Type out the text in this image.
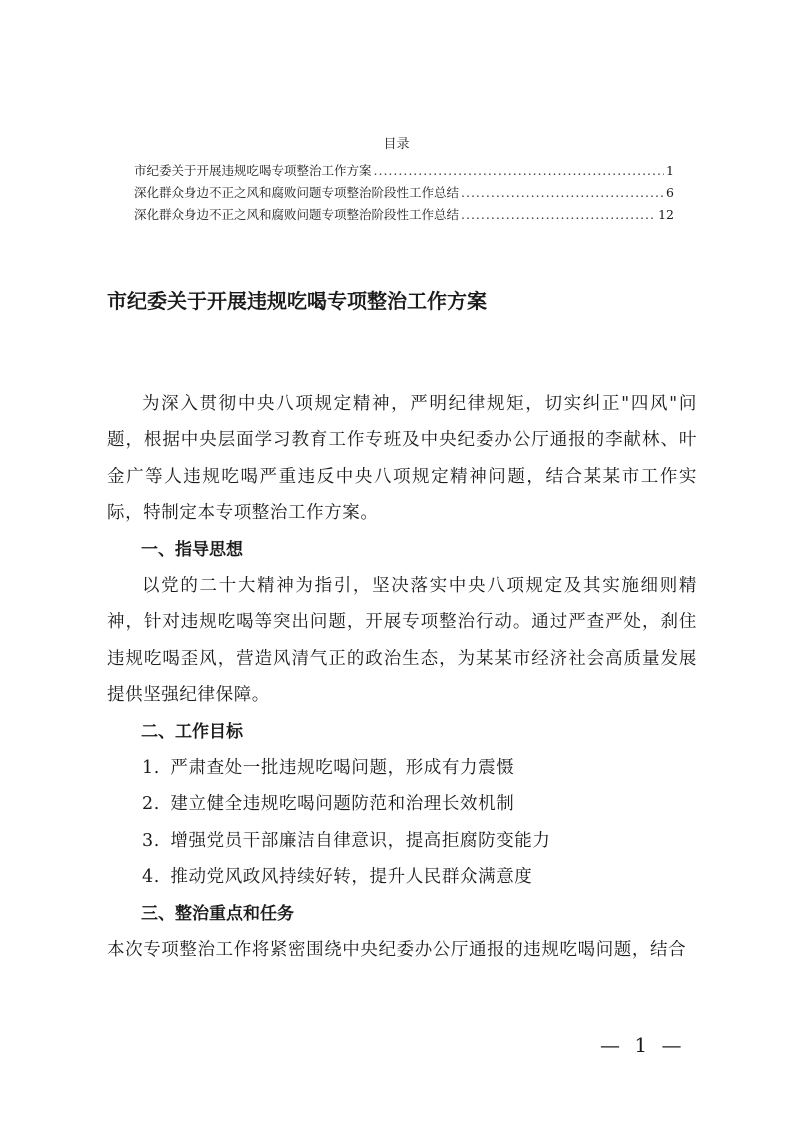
目录
市纪委关于开展违规吃喝专项整治工作方案 .....	1
深化群众身边不正之风和腐败问题专项整治阶段性工作总结 .....	6
深化群众身边不正之风和腐败问题专项整治阶段性工作总结 .....	12
市纪委关于开展违规吃喝专项整治工作方案

为深入贯彻中央八项规定精神，严明纪律规矩，切实纠正"四风"问题，根据中央层面学习教育工作专班及中央纪委办公厅通报的李献林、叶金广等人违规吃喝严重违反中央八项规定精神问题，结合某某市工作实际，特制定本专项整治工作方案。

一、指导思想

以党的二十大精神为指引，坚决落实中央八项规定及其实施细则精神，针对违规吃喝等突出问题，开展专项整治行动。通过严查严处，刹住违规吃喝歪风，营造风清气正的政治生态，为某某市经济社会高质量发展提供坚强纪律保障。

二、工作目标

1. 严肃查处一批违规吃喝问题，形成有力震慑

2. 建立健全违规吃喝问题防范和治理长效机制

3. 增强党员干部廉洁自律意识，提高拒腐防变能力

4. 推动党风政风持续好转，提升人民群众满意度

三、整治重点和任务

本次专项整治工作将紧密围绕中央纪委办公厅通报的违规吃喝问题，结合

— 1 —
